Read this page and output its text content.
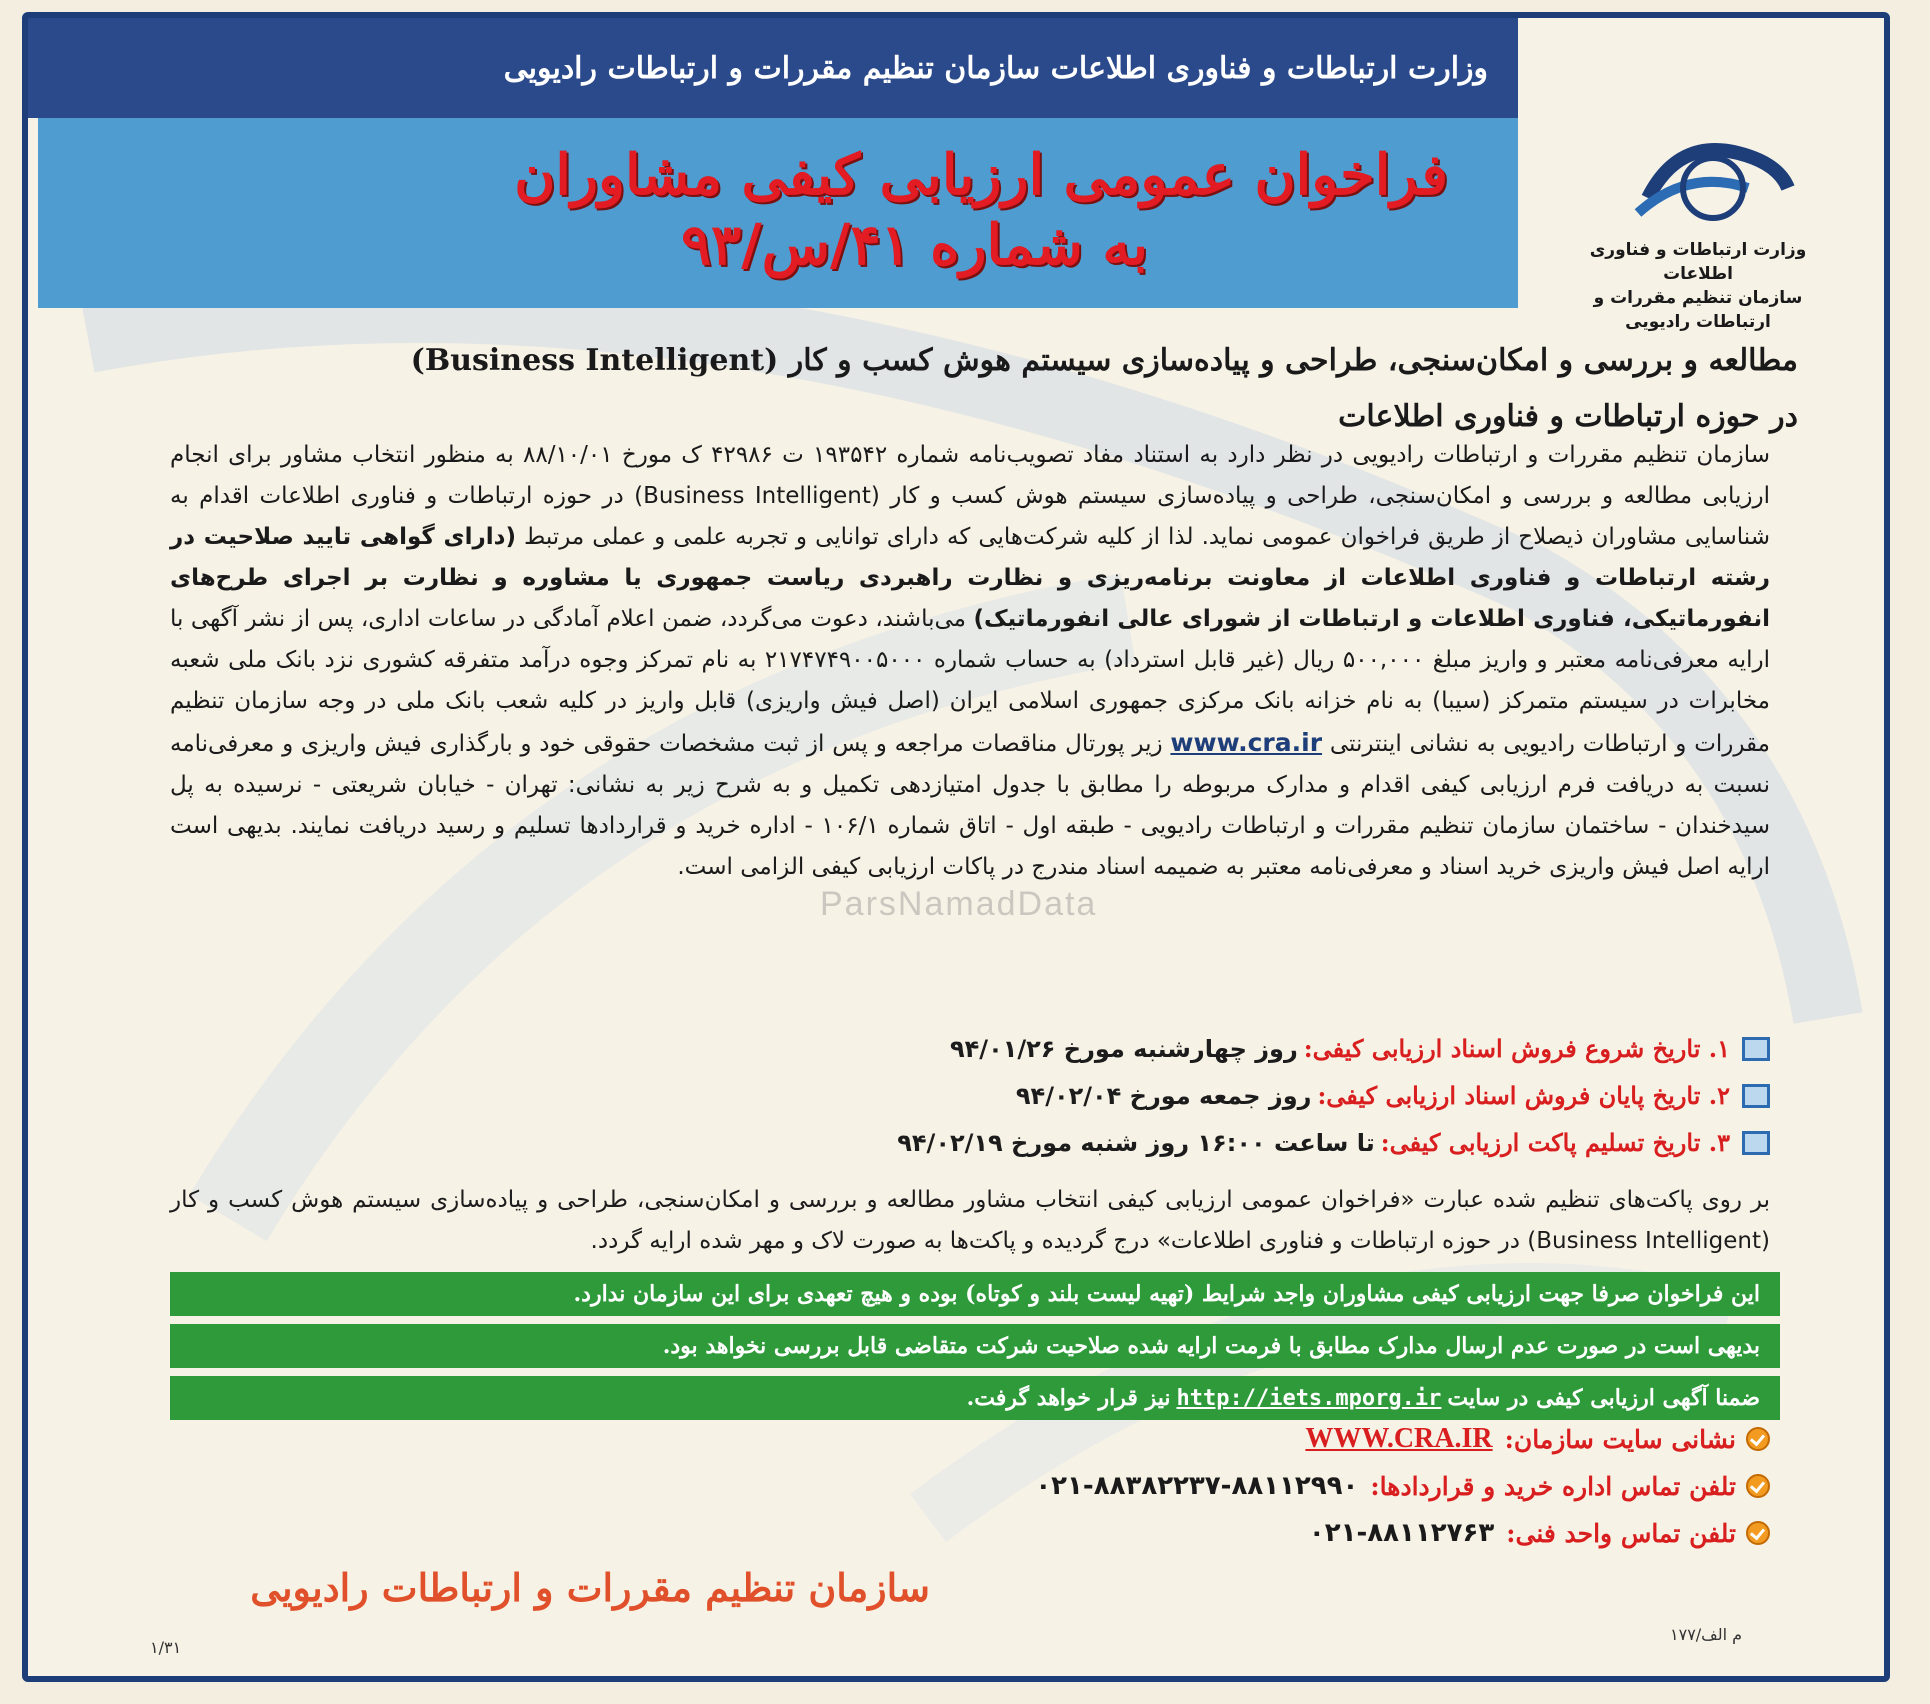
وزارت ارتباطات و فناوری اطلاعات سازمان تنظیم مقررات و ارتباطات رادیویی
فراخوان عمومی ارزیابی کیفی مشاوران
به شماره ۴۱/س/۹۳	وزارت ارتباطات و فناوری اطلاعات
سازمان تنظیم مقررات و ارتباطات رادیویی
مطالعه و بررسی و امکان‌سنجی، طراحی و پیاده‌سازی سیستم هوش کسب و کار (Business Intelligent)
در حوزه ارتباطات و فناوری اطلاعات
سازمان تنظیم مقررات و ارتباطات رادیویی در نظر دارد به استناد مفاد تصویب‌نامه شماره ۱۹۳۵۴۲ ت ۴۲۹۸۶ ک مورخ ۸۸/۱۰/۰۱ به منظور انتخاب مشاور برای انجام ارزیابی مطالعه و بررسی و امکان‌سنجی، طراحی و پیاده‌سازی سیستم هوش کسب و کار (Business Intelligent) در حوزه ارتباطات و فناوری اطلاعات اقدام به شناسایی مشاوران ذیصلاح از طریق فراخوان عمومی نماید. لذا از کلیه شرکت‌هایی که دارای توانایی و تجربه علمی و عملی مرتبط (دارای گواهی تایید صلاحیت در رشته ارتباطات و فناوری اطلاعات از معاونت برنامه‌ریزی و نظارت راهبردی ریاست جمهوری یا مشاوره و نظارت بر اجرای طرح‌های انفورماتیکی، فناوری اطلاعات و ارتباطات از شورای عالی انفورماتیک) می‌باشند، دعوت می‌گردد، ضمن اعلام آمادگی در ساعات اداری، پس از نشر آگهی با ارایه معرفی‌نامه معتبر و واریز مبلغ ۵۰۰,۰۰۰ ریال (غیر قابل استرداد) به حساب شماره ۲۱۷۴۷۴۹۰۰۵۰۰۰ به نام تمرکز وجوه درآمد متفرقه کشوری نزد بانک ملی شعبه مخابرات در سیستم متمرکز (سیبا) به نام خزانه بانک مرکزی جمهوری اسلامی ایران (اصل فیش واریزی) قابل واریز در کلیه شعب بانک ملی در وجه سازمان تنظیم مقررات و ارتباطات رادیویی به نشانی اینترنتی www.cra.ir زیر پورتال مناقصات مراجعه و پس از ثبت مشخصات حقوقی خود و بارگذاری فیش واریزی و معرفی‌نامه نسبت به دریافت فرم ارزیابی کیفی اقدام و مدارک مربوطه را مطابق با جدول امتیازدهی تکمیل و به شرح زیر به نشانی: تهران - خیابان شریعتی - نرسیده به پل سیدخندان - ساختمان سازمان تنظیم مقررات و ارتباطات رادیویی - طبقه اول - اتاق شماره ۱۰۶/۱ - اداره خرید و قراردادها تسلیم و رسید دریافت نمایند. بدیهی است ارایه اصل فیش واریزی خرید اسناد و معرفی‌نامه معتبر به ضمیمه اسناد مندرج در پاکات ارزیابی کیفی الزامی است.
ParsNamadData
۱. تاریخ شروع فروش اسناد ارزیابی کیفی:
روز چهارشنبه مورخ ۹۴/۰۱/۲۶
۲. تاریخ پایان فروش اسناد ارزیابی کیفی:
روز جمعه مورخ ۹۴/۰۲/۰۴
۳. تاریخ تسلیم پاکت ارزیابی کیفی:
تا ساعت ۱۶:۰۰ روز شنبه مورخ ۹۴/۰۲/۱۹
بر روی پاکت‌های تنظیم شده عبارت «فراخوان عمومی ارزیابی کیفی انتخاب مشاور مطالعه و بررسی و امکان‌سنجی، طراحی و پیاده‌سازی سیستم هوش کسب و کار (Business Intelligent) در حوزه ارتباطات و فناوری اطلاعات» درج گردیده و پاکت‌ها به صورت لاک و مهر شده ارایه گردد.
این فراخوان صرفا جهت ارزیابی کیفی مشاوران واجد شرایط (تهیه لیست بلند و کوتاه) بوده و هیچ تعهدی برای این سازمان ندارد.
بدیهی است در صورت عدم ارسال مدارک مطابق با فرمت ارایه شده صلاحیت شرکت متقاضی قابل بررسی نخواهد بود.
ضمنا آگهی ارزیابی کیفی در سایت
http://iets.mporg.ir
نیز قرار خواهد گرفت.
نشانی سایت سازمان:
WWW.CRA.IR
تلفن تماس اداره خرید و قراردادها:
۰۲۱-۸۸۳۸۲۲۳۷-۸۸۱۱۲۹۹۰
تلفن تماس واحد فنی:
۰۲۱-۸۸۱۱۲۷۶۳
سازمان تنظیم مقررات و ارتباطات رادیویی
م الف/۱۷۷
۱/۳۱
